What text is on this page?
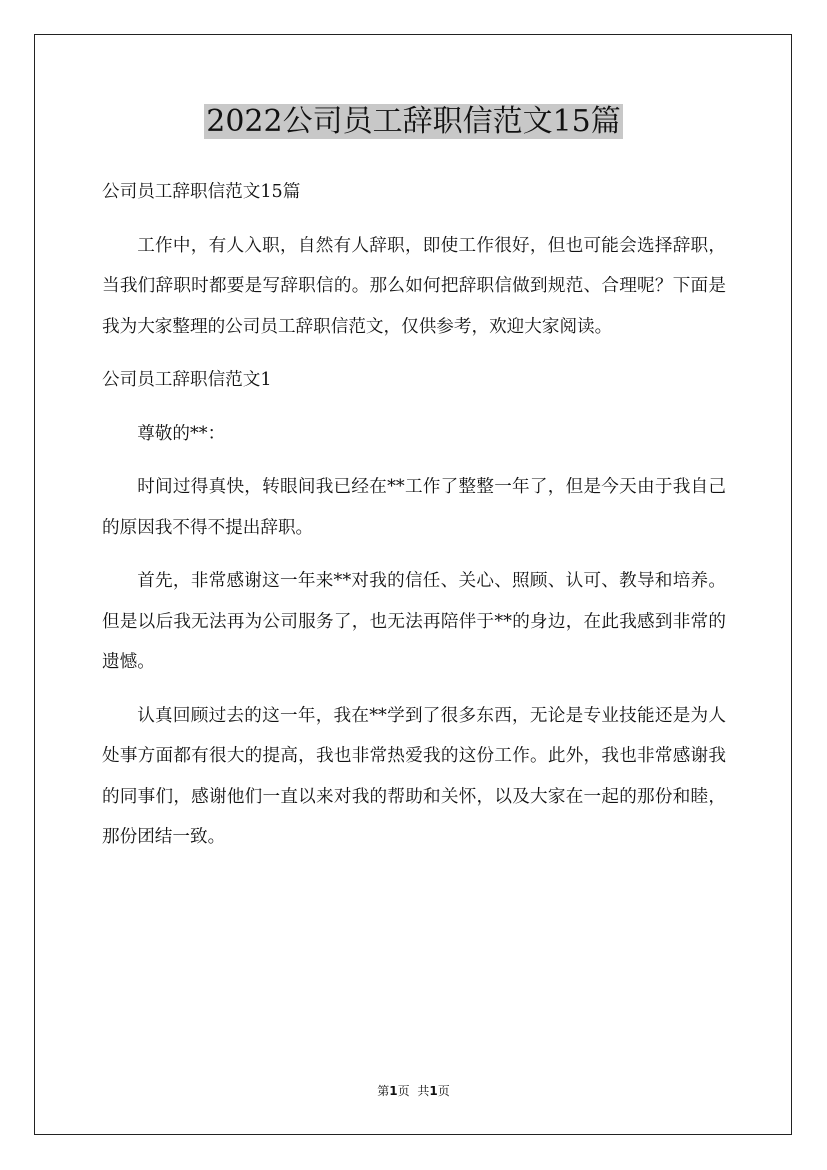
2022公司员工辞职信范文15篇

公司员工辞职信范文15篇

工作中，有人入职，自然有人辞职，即使工作很好，但也可能会选择辞职，当我们辞职时都要是写辞职信的。那么如何把辞职信做到规范、合理呢？下面是我为大家整理的公司员工辞职信范文，仅供参考，欢迎大家阅读。

公司员工辞职信范文1

尊敬的**：

时间过得真快，转眼间我已经在**工作了整整一年了，但是今天由于我自己的原因我不得不提出辞职。

首先，非常感谢这一年来**对我的信任、关心、照顾、认可、教导和培养。但是以后我无法再为公司服务了，也无法再陪伴于**的身边，在此我感到非常的遗憾。

认真回顾过去的这一年，我在**学到了很多东西，无论是专业技能还是为人处事方面都有很大的提高，我也非常热爱我的这份工作。此外，我也非常感谢我的同事们，感谢他们一直以来对我的帮助和关怀，以及大家在一起的那份和睦，那份团结一致。

第1页 共1页
